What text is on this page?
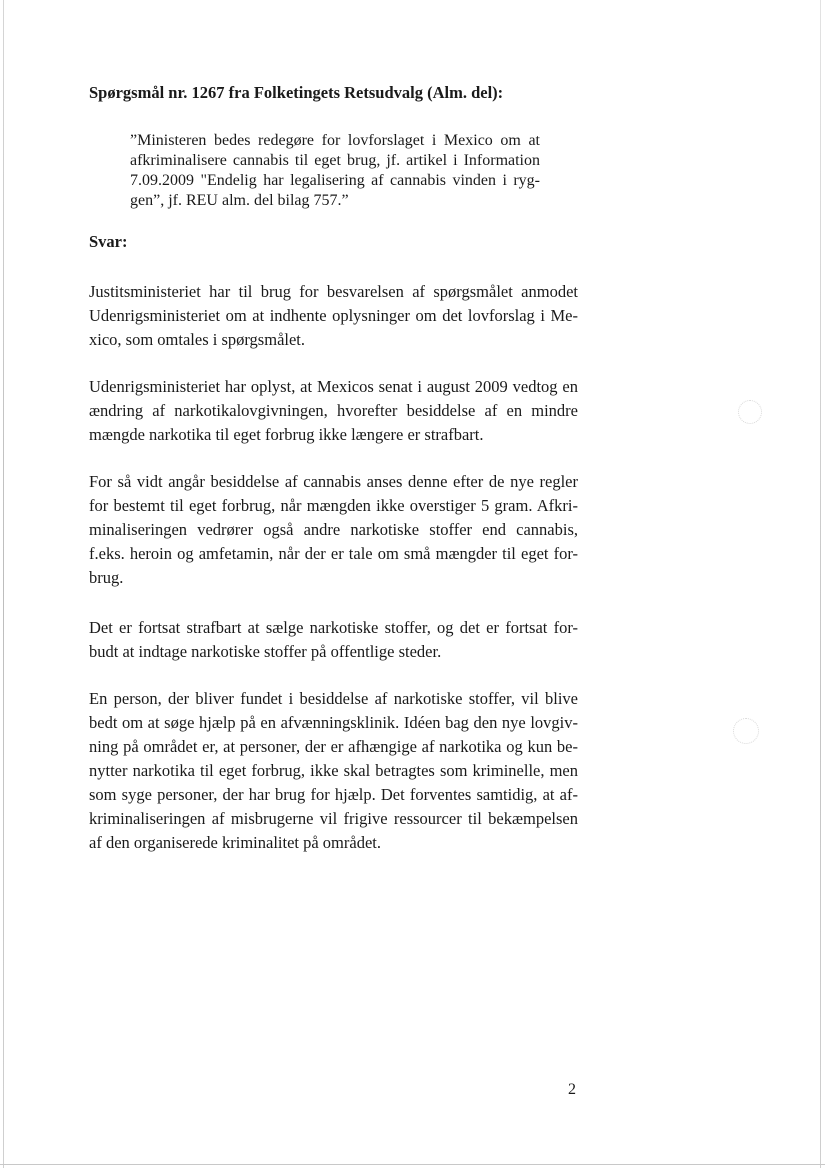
Spørgsmål nr. 1267 fra Folketingets Retsudvalg (Alm. del):
”Ministeren bedes redegøre for lovforslaget i Mexico om at
afkriminalisere cannabis til eget brug, jf. artikel i Information
7.09.2009 "Endelig har legalisering af cannabis vinden i ryg-
gen”, jf. REU alm. del bilag 757.”
Svar:
Justitsministeriet har til brug for besvarelsen af spørgsmålet anmodet
Udenrigsministeriet om at indhente oplysninger om det lovforslag i Me-
xico, som omtales i spørgsmålet.
Udenrigsministeriet har oplyst, at Mexicos senat i august 2009 vedtog en
ændring af narkotikalovgivningen, hvorefter besiddelse af en mindre
mængde narkotika til eget forbrug ikke længere er strafbart.
For så vidt angår besiddelse af cannabis anses denne efter de nye regler
for bestemt til eget forbrug, når mængden ikke overstiger 5 gram. Afkri-
minaliseringen vedrører også andre narkotiske stoffer end cannabis,
f.eks. heroin og amfetamin, når der er tale om små mængder til eget for-
brug.
Det er fortsat strafbart at sælge narkotiske stoffer, og det er fortsat for-
budt at indtage narkotiske stoffer på offentlige steder.
En person, der bliver fundet i besiddelse af narkotiske stoffer, vil blive
bedt om at søge hjælp på en afvænningsklinik. Idéen bag den nye lovgiv-
ning på området er, at personer, der er afhængige af narkotika og kun be-
nytter narkotika til eget forbrug, ikke skal betragtes som kriminelle, men
som syge personer, der har brug for hjælp. Det forventes samtidig, at af-
kriminaliseringen af misbrugerne vil frigive ressourcer til bekæmpelsen
af den organiserede kriminalitet på området.
2
